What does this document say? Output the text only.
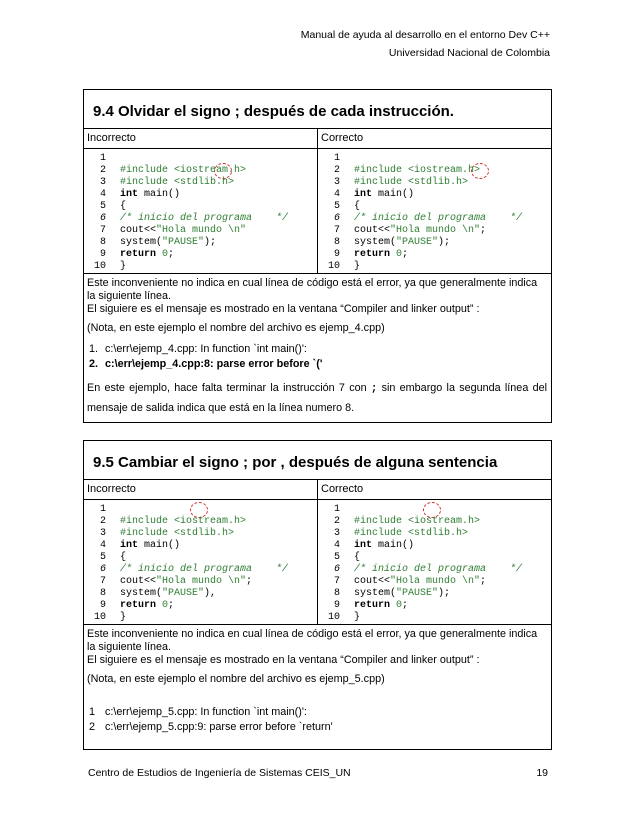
Manual de ayuda al desarrollo en el entorno Dev C++
Universidad Nacional de Colombia
9.4 Olvidar el signo ; después de cada instrucción.
Incorrecto	Correcto
1
2 #include <iostream.h>
3 #include <stdlib.h>
4 int main()
5 {
6 /* inicio del programa    */
7 cout<<"Hola mundo \n"
8 system("PAUSE");
9 return 0;
10 }
1
2 #include <iostream.h>
3 #include <stdlib.h>
4 int main()
5 {
6 /* inicio del programa    */
7 cout<<"Hola mundo \n";
8 system("PAUSE");
9 return 0;
10 }

Este inconveniente no indica en cual línea de código está el error, ya que generalmente indica la siguiente línea.

El siguiere es el mensaje es mostrado en la ventana “Compiler and linker output” :

(Nota, en este ejemplo el nombre del archivo es ejemp_4.cpp)

1. c:\err\ejemp_4.cpp: In function `int main()':
2. c:\err\ejemp_4.cpp:8: parse error before `('

En este ejemplo, hace falta terminar la instrucción 7 con ; sin embargo la segunda línea del mensaje de salida indica que está en la línea numero 8.

9.5 Cambiar el signo ; por , después de alguna sentencia
Incorrecto	Correcto
1
2 #include <iostream.h>
3 #include <stdlib.h>
4 int main()
5 {
6 /* inicio del programa    */
7 cout<<"Hola mundo \n";
8 system("PAUSE"),
9 return 0;
10 }
1
2 #include <iostream.h>
3 #include <stdlib.h>
4 int main()
5 {
6 /* inicio del programa    */
7 cout<<"Hola mundo \n";
8 system("PAUSE");
9 return 0;
10 }

Este inconveniente no indica en cual línea de código está el error, ya que generalmente indica la siguiente línea.

El siguiere es el mensaje es mostrado en la ventana “Compiler and linker output” :

(Nota, en este ejemplo el nombre del archivo es ejemp_5.cpp)

1 c:\err\ejemp_5.cpp: In function `int main()':
2 c:\err\ejemp_5.cpp:9: parse error before `return'
Centro de Estudios de Ingeniería de Sistemas CEIS_UN	19
